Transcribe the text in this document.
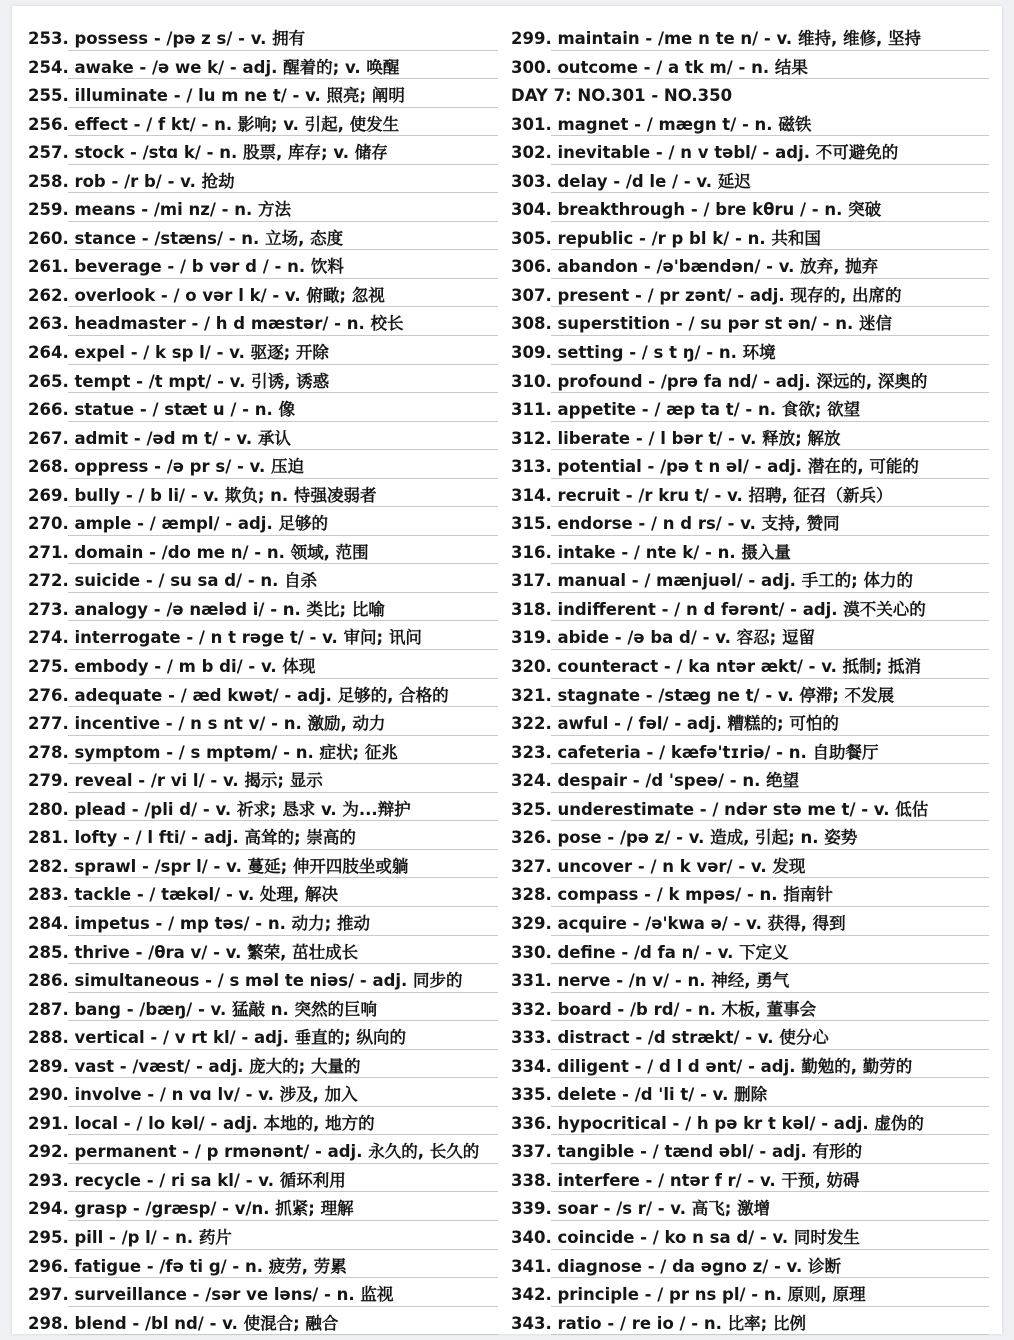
253. possess - /pə z s/ - v. 拥有
254. awake - /ə we k/ - adj. 醒着的; v. 唤醒
255. illuminate - / lu m ne t/ - v. 照亮; 阐明
256. effect - / f kt/ - n. 影响; v. 引起, 使发生
257. stock - /stɑ k/ - n. 股票, 库存; v. 储存
258. rob - /r b/ - v. 抢劫
259. means - /mi nz/ - n. 方法
260. stance - /stæns/ - n. 立场, 态度
261. beverage - / b vər d / - n. 饮料
262. overlook - / o vər l k/ - v. 俯瞰; 忽视
263. headmaster - / h d mæstər/ - n. 校长
264. expel - / k sp l/ - v. 驱逐; 开除
265. tempt - /t mpt/ - v. 引诱, 诱惑
266. statue - / stæt u / - n. 像
267. admit - /əd m t/ - v. 承认
268. oppress - /ə pr s/ - v. 压迫
269. bully - / b li/ - v. 欺负; n. 恃强凌弱者
270. ample - / æmpl/ - adj. 足够的
271. domain - /do me n/ - n. 领域, 范围
272. suicide - / su sa d/ - n. 自杀
273. analogy - /ə næləd i/ - n. 类比; 比喻
274. interrogate - / n t rəge t/ - v. 审问; 讯问
275. embody - / m b di/ - v. 体现
276. adequate - / æd kwət/ - adj. 足够的, 合格的
277. incentive - / n s nt v/ - n. 激励, 动力
278. symptom - / s mptəm/ - n. 症状; 征兆
279. reveal - /r vi l/ - v. 揭示; 显示
280. plead - /pli d/ - v. 祈求; 恳求 v. 为...辩护
281. lofty - / l fti/ - adj. 高耸的; 崇高的
282. sprawl - /spr l/ - v. 蔓延; 伸开四肢坐或躺
283. tackle - / tækəl/ - v. 处理, 解决
284. impetus - / mp təs/ - n. 动力; 推动
285. thrive - /θra v/ - v. 繁荣, 茁壮成长
286. simultaneous - / s məl te niəs/ - adj. 同步的
287. bang - /bæŋ/ - v. 猛敲 n. 突然的巨响
288. vertical - / v rt kl/ - adj. 垂直的; 纵向的
289. vast - /væst/ - adj. 庞大的; 大量的
290. involve - / n vɑ lv/ - v. 涉及, 加入
291. local - / lo kəl/ - adj. 本地的, 地方的
292. permanent - / p rmənənt/ - adj. 永久的, 长久的
293. recycle - / ri sa kl/ - v. 循环利用
294. grasp - /græsp/ - v/n. 抓紧; 理解
295. pill - /p l/ - n. 药片
296. fatigue - /fə ti g/ - n. 疲劳, 劳累
297. surveillance - /sər ve ləns/ - n. 监视
298. blend - /bl nd/ - v. 使混合; 融合
299. maintain - /me n te n/ - v. 维持, 维修, 坚持
300. outcome - / a tk m/ - n. 结果
DAY 7: NO.301 - NO.350
301. magnet - / mægn t/ - n. 磁铁
302. inevitable - / n v təbl/ - adj. 不可避免的
303. delay - /d le / - v. 延迟
304. breakthrough - / bre kθru / - n. 突破
305. republic - /r p bl k/ - n. 共和国
306. abandon - /ə'bændən/ - v. 放弃, 抛弃
307. present - / pr zənt/ - adj. 现存的, 出席的
308. superstition - / su pər st ən/ - n. 迷信
309. setting - / s t ŋ/ - n. 环境
310. profound - /prə fa nd/ - adj. 深远的, 深奥的
311. appetite - / æp ta t/ - n. 食欲; 欲望
312. liberate - / l bər t/ - v. 释放; 解放
313. potential - /pə t n əl/ - adj. 潜在的, 可能的
314. recruit - /r kru t/ - v. 招聘, 征召（新兵）
315. endorse - / n d rs/ - v. 支持, 赞同
316. intake - / nte k/ - n. 摄入量
317. manual - / mænjuəl/ - adj. 手工的; 体力的
318. indifferent - / n d fərənt/ - adj. 漠不关心的
319. abide - /ə ba d/ - v. 容忍; 逗留
320. counteract - / ka ntər ækt/ - v. 抵制; 抵消
321. stagnate - /stæg ne t/ - v. 停滞; 不发展
322. awful - / fəl/ - adj. 糟糕的; 可怕的
323. cafeteria - / kæfə'tɪriə/ - n. 自助餐厅
324. despair - /d 'speə/ - n. 绝望
325. underestimate - / ndər stə me t/ - v. 低估
326. pose - /pə z/ - v. 造成, 引起; n. 姿势
327. uncover - / n k vər/ - v. 发现
328. compass - / k mpəs/ - n. 指南针
329. acquire - /ə'kwa ə/ - v. 获得, 得到
330. define - /d fa n/ - v. 下定义
331. nerve - /n v/ - n. 神经, 勇气
332. board - /b rd/ - n. 木板, 董事会
333. distract - /d strækt/ - v. 使分心
334. diligent - / d l d ənt/ - adj. 勤勉的, 勤劳的
335. delete - /d 'li t/ - v. 删除
336. hypocritical - / h pə kr t kəl/ - adj. 虚伪的
337. tangible - / tænd əbl/ - adj. 有形的
338. interfere - / ntər f r/ - v. 干预, 妨碍
339. soar - /s r/ - v. 高飞; 激增
340. coincide - / ko n sa d/ - v. 同时发生
341. diagnose - / da əgno z/ - v. 诊断
342. principle - / pr ns pl/ - n. 原则, 原理
343. ratio - / re io / - n. 比率; 比例
